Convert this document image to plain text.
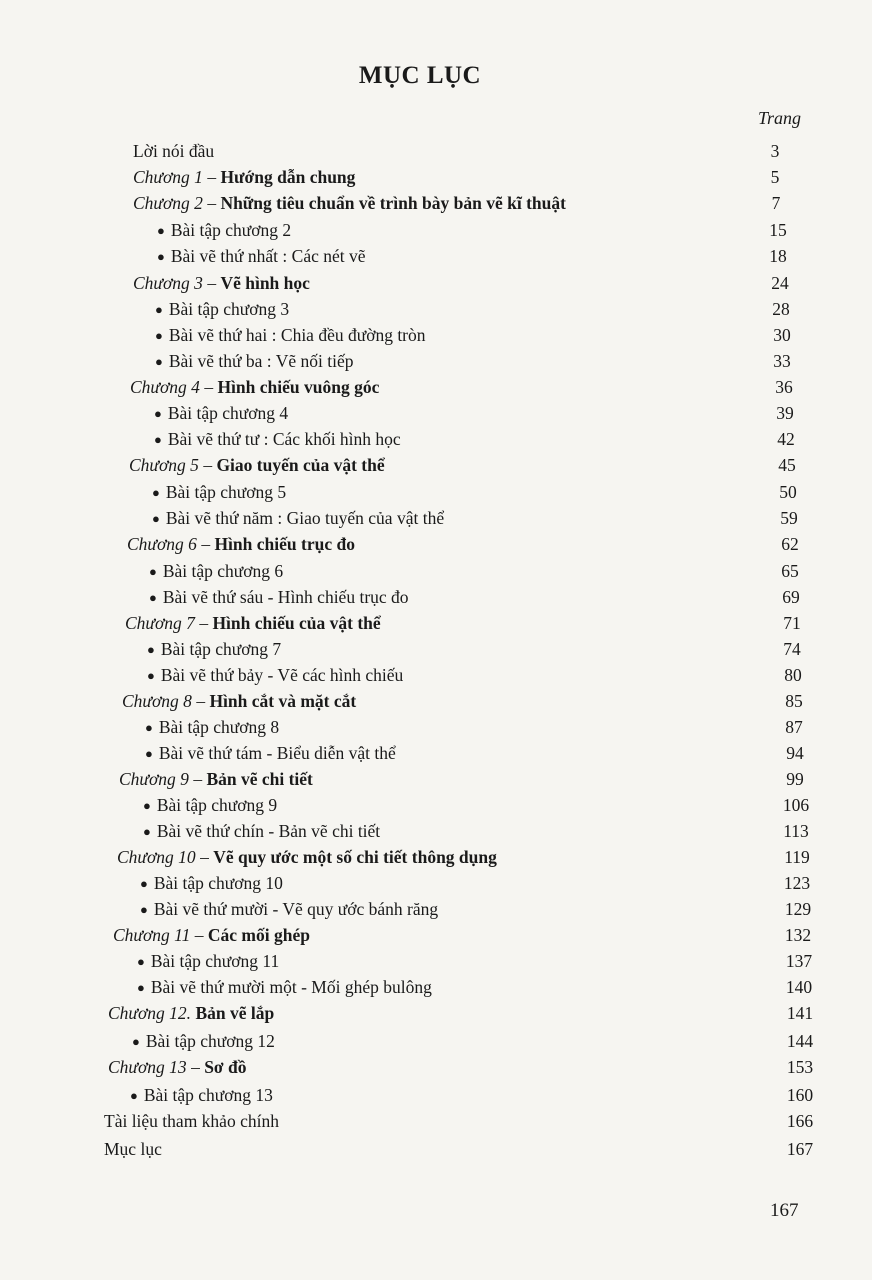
MỤC LỤC
Trang
Lời nói đầu	3
Chương 1 – Hướng dẫn chung	5
Chương 2 – Những tiêu chuẩn về trình bày bản vẽ kĩ thuật	7
● Bài tập chương 2	15
● Bài vẽ thứ nhất : Các nét vẽ	18
Chương 3 – Vẽ hình học	24
● Bài tập chương 3	28
● Bài vẽ thứ hai : Chia đều đường tròn	30
● Bài vẽ thứ ba : Vẽ nối tiếp	33
Chương 4 – Hình chiếu vuông góc	36
● Bài tập chương 4	39
● Bài vẽ thứ tư : Các khối hình học	42
Chương 5 – Giao tuyến của vật thể	45
● Bài tập chương 5	50
● Bài vẽ thứ năm : Giao tuyến của vật thể	59
Chương 6 – Hình chiếu trục đo	62
● Bài tập chương 6	65
● Bài vẽ thứ sáu - Hình chiếu trục đo	69
Chương 7 – Hình chiếu của vật thể	71
● Bài tập chương 7	74
● Bài vẽ thứ bảy - Vẽ các hình chiếu	80
Chương 8 – Hình cắt và mặt cắt	85
● Bài tập chương 8	87
● Bài vẽ thứ tám - Biểu diễn vật thể	94
Chương 9 – Bản vẽ chi tiết	99
● Bài tập chương 9	106
● Bài vẽ thứ chín - Bản vẽ chi tiết	113
Chương 10 – Vẽ quy ước một số chi tiết thông dụng	119
● Bài tập chương 10	123
● Bài vẽ thứ mười - Vẽ quy ước bánh răng	129
Chương 11 – Các mối ghép	132
● Bài tập chương 11	137
● Bài vẽ thứ mười một - Mối ghép bulông	140
Chương 12. Bản vẽ lắp	141
● Bài tập chương 12	144
Chương 13 – Sơ đồ	153
● Bài tập chương 13	160
Tài liệu tham khảo chính	166
Mục lục	167
167
